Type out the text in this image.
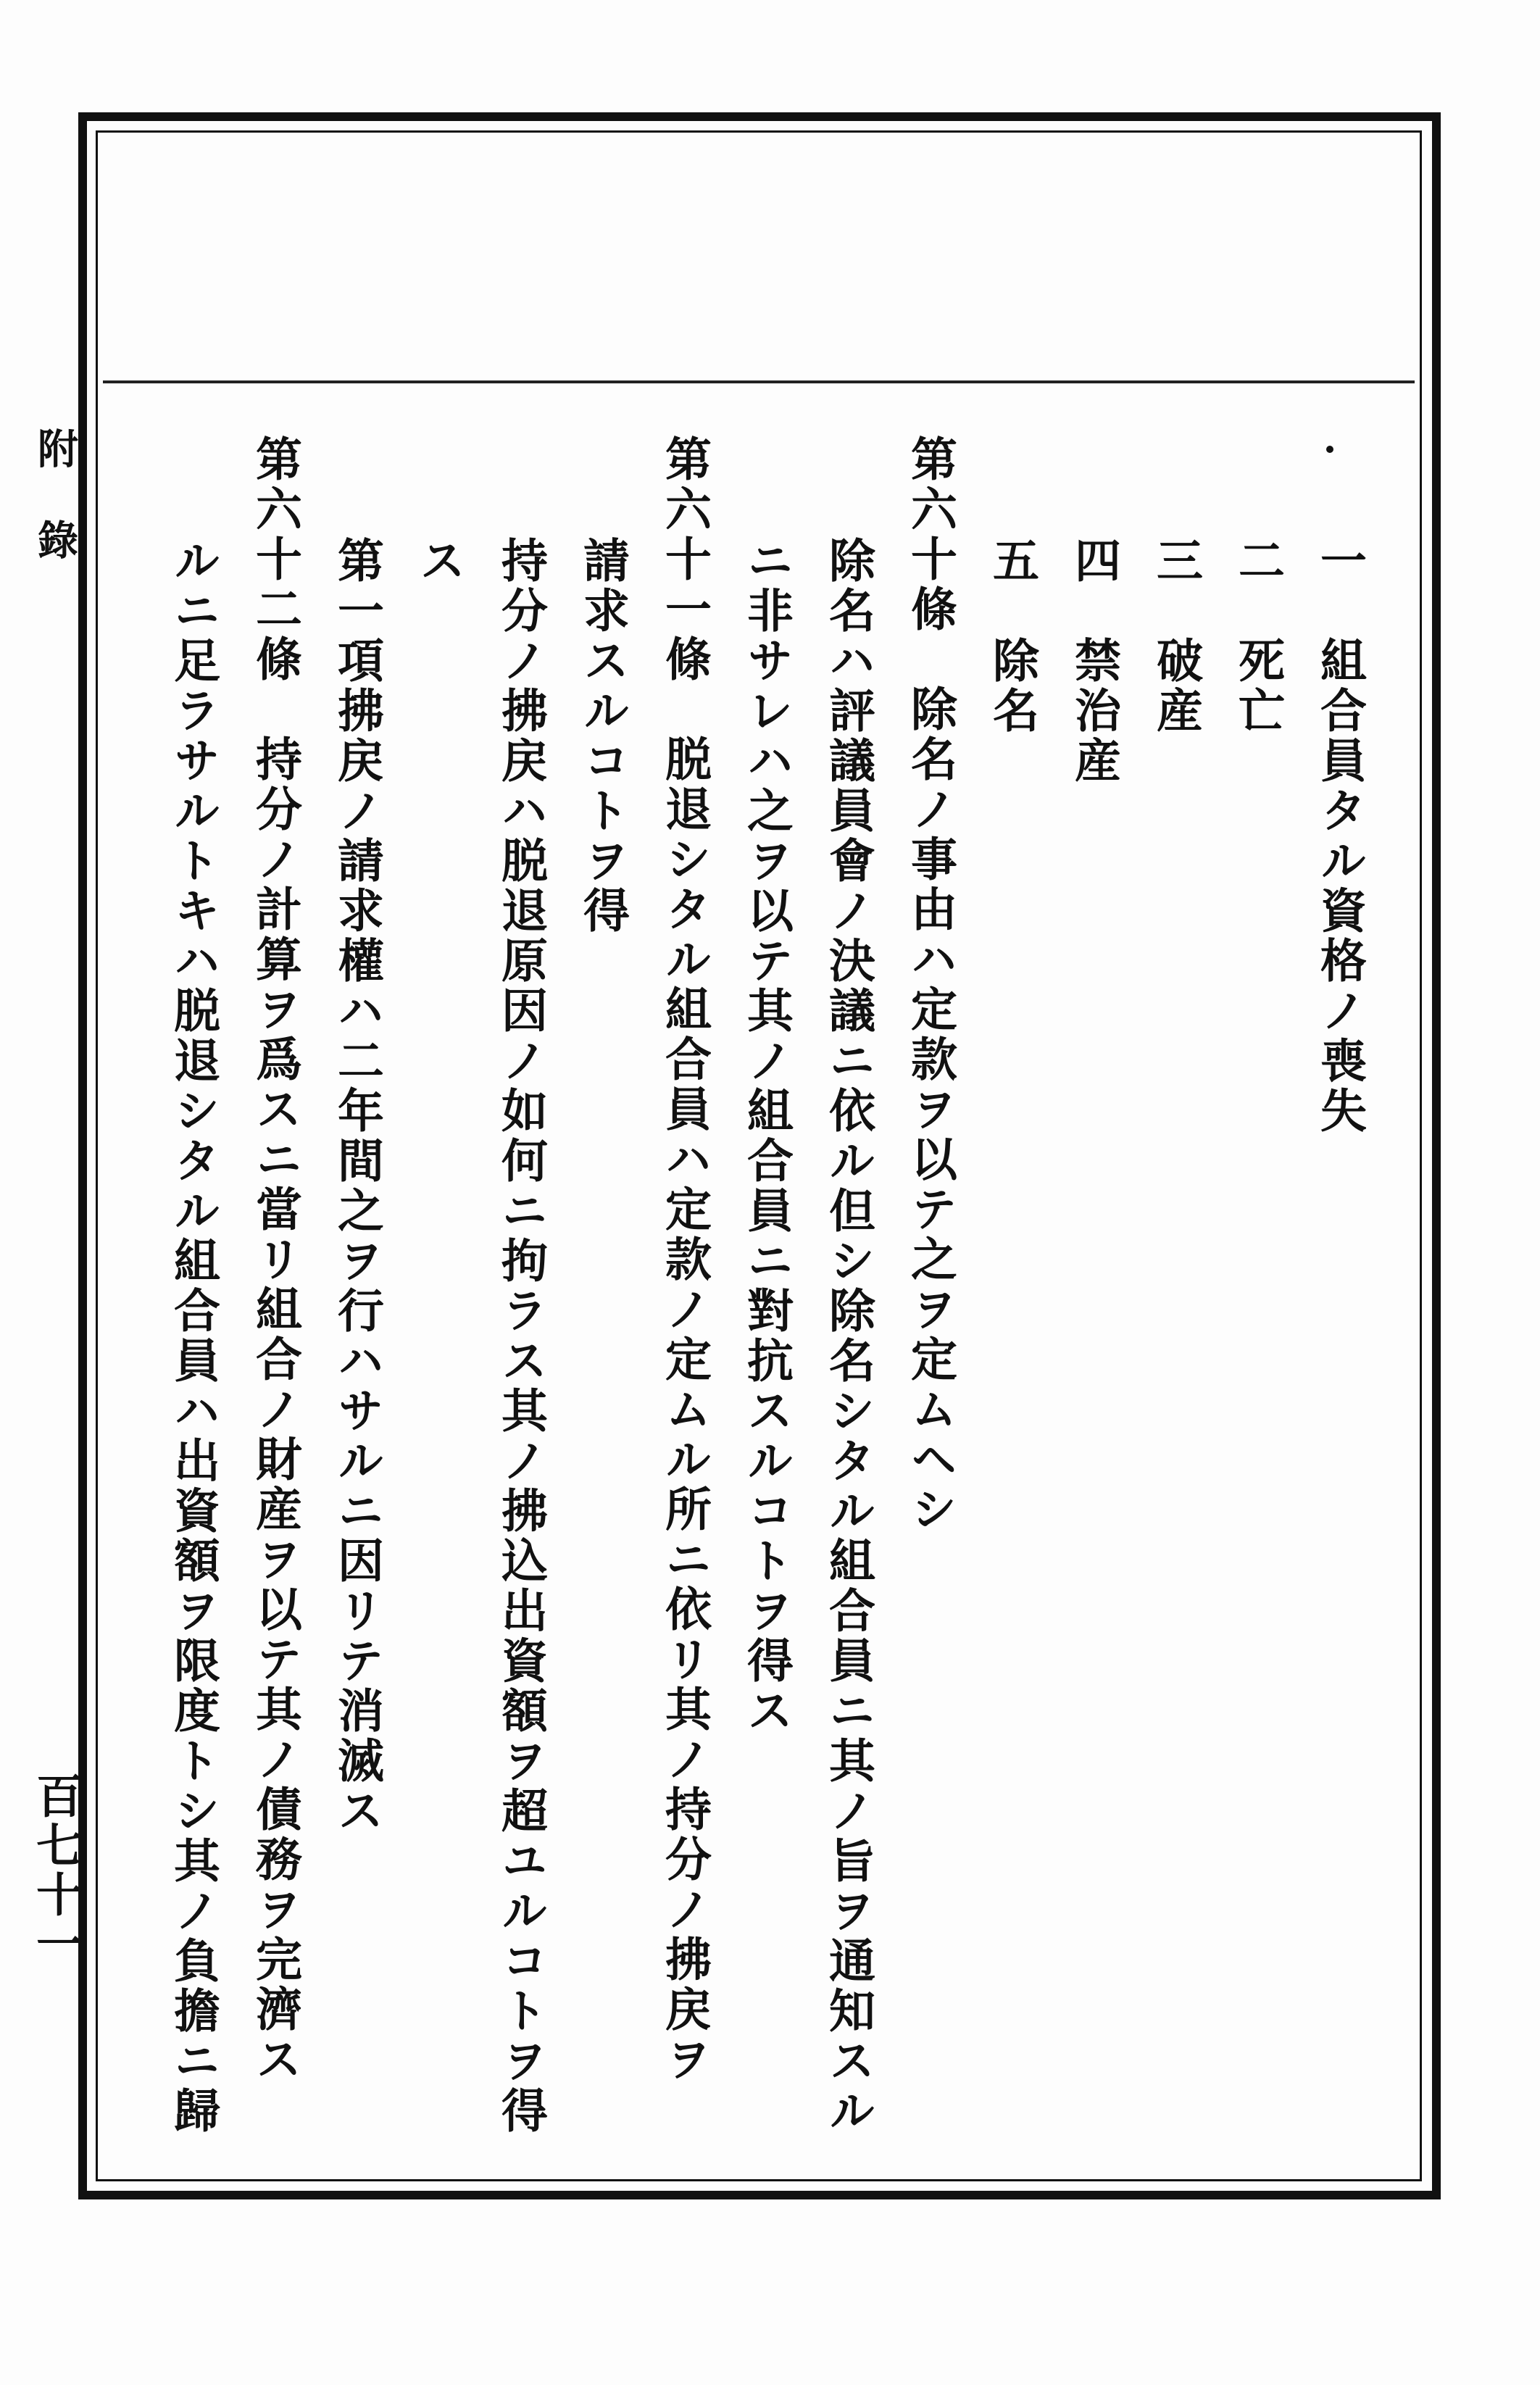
附錄
百七十一

一　組合員タル資格ノ喪失

二　死亡

三　破産

四　禁治産

五　除名

第六十條　除名ノ事由ハ定款ヲ以テ之ヲ定ムヘシ

除名ハ評議員會ノ決議ニ依ル但シ除名シタル組合員ニ其ノ旨ヲ通知スル

ニ非サレハ之ヲ以テ其ノ組合員ニ對抗スルコトヲ得ス

第六十一條　脱退シタル組合員ハ定款ノ定ムル所ニ依リ其ノ持分ノ拂戻ヲ

請求スルコトヲ得

持分ノ拂戻ハ脱退原因ノ如何ニ拘ラス其ノ拂込出資額ヲ超ユルコトヲ得

ス

第一項拂戻ノ請求權ハ二年間之ヲ行ハサルニ因リテ消滅ス

第六十二條　持分ノ計算ヲ爲スニ當リ組合ノ財産ヲ以テ其ノ債務ヲ完濟ス

ルニ足ラサルトキハ脱退シタル組合員ハ出資額ヲ限度トシ其ノ負擔ニ歸
